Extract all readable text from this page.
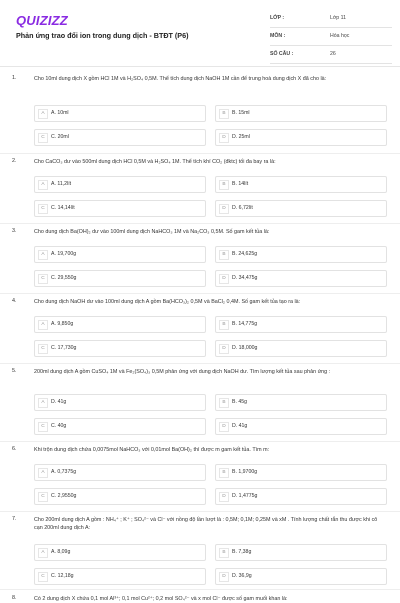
QUIZIZZ
Phản ứng trao đổi ion trong dung dịch - BTĐT (P6)
LỚP :	Lớp 11
MÔN :	Hóa học
SỐ CÂU :	26
1.	Cho 10ml dung dịch X gồm HCl 1M và H₂SO₄ 0,5M. Thể tích dung dịch NaOH 1M cần để trung hoà dung dịch X đã cho là:
A	A. 10ml	B	B. 15ml
C	C. 20ml	D	D. 25ml
2.	Cho CaCO₃ dư vào 500ml dung dịch HCl 0,5M và H₂SO₄ 1M. Thể tích khí CO₂ (đktc) tối đa bay ra là:
A	A. 11,2lít	B	B. 14lít
C	C. 14,14lít	D	D. 6,72lít
3.	Cho dung dịch Ba(OH)₂ dư vào 100ml dung dịch NaHCO₃ 1M và Na₂CO₃ 0,5M. Số gam kết tủa là:
A	A. 19,700g	B	B. 24,625g
C	C. 29,550g	D	D. 34,475g
4.	Cho dung dịch NaOH dư vào 100ml dung dịch A gồm Ba(HCO₃)₂ 0,5M và BaCl₂ 0,4M. Số gam kết tủa tạo ra là:
A	A. 9,850g	B	B. 14,775g
C	C. 17,730g	D	D. 18,000g
5.	200ml dung dịch A gồm CuSO₄ 1M và Fe₂(SO₄)₃ 0,5M phản ứng với dung dịch NaOH dư. Tìm lượng kết tủa sau phản ứng :
A	D. 41g	B	B. 45g
C	C. 40g	D	D. 41g
6.	Khi trộn dung dịch chứa 0,0075mol NaHCO₃ với 0,01mol Ba(OH)₂ thì được m gam kết tủa. Tìm m:
A	A. 0,7375g	B	B. 1,9700g
C	C. 2,9550g	D	D. 1,4775g
7.	Cho 200ml dung dịch A gồm : NH₄⁺ ; K⁺ ; SO₄²⁻ và Cl⁻ với nồng độ lần lượt là : 0,5M; 0,1M; 0,25M và xM . Tính lượng chất rắn thu được khi cô cạn 200ml dung dịch A:
A	A. 8,09g	B	B. 7,38g
C	C. 12,18g	D	D. 36,9g
8.	Có 2 dung dịch X chứa 0,1 mol Al³⁺; 0,1 mol Cu²⁺; 0,2 mol SO₄²⁻ và x mol Cl⁻ được số gam muối khan là:
